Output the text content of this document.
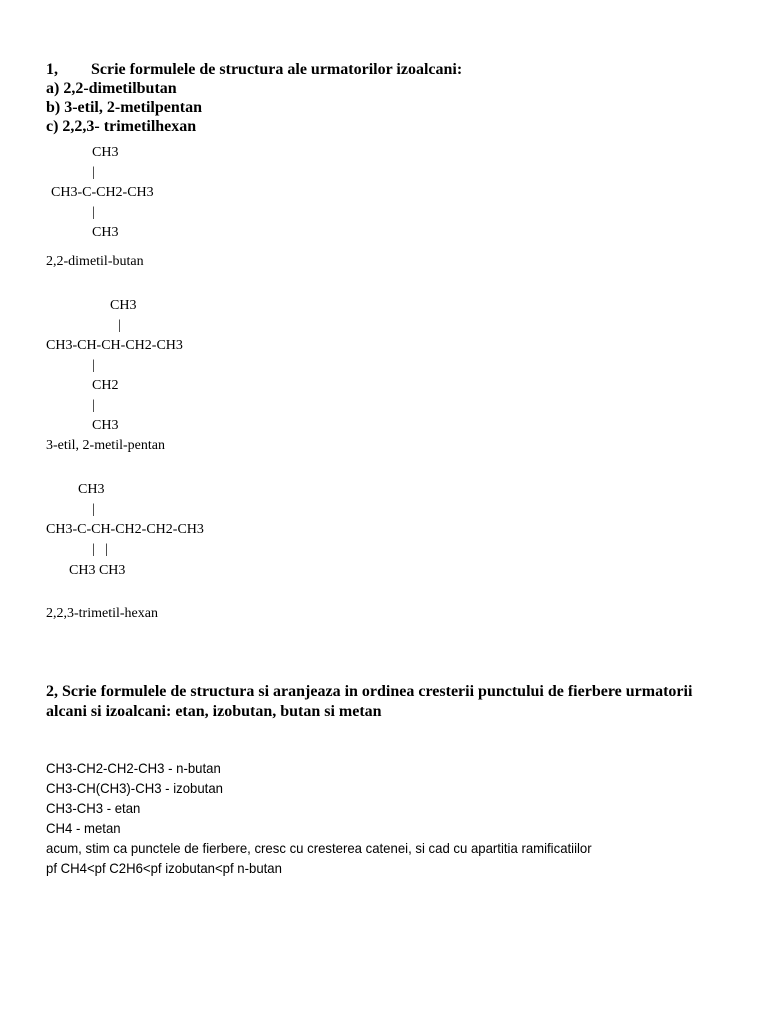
1, Scrie formulele de structura ale urmatorilor izoalcani:
a) 2,2-dimetilbutan
b) 3-etil, 2-metilpentan
c) 2,2,3- trimetilhexan
CH3
|
CH3-C-CH2-CH3
|
CH3
2,2-dimetil-butan
CH3
|
CH3-CH-CH-CH2-CH3
|
CH2
|
CH3
3-etil, 2-metil-pentan
CH3
|
CH3-C-CH-CH2-CH2-CH3
|   |
CH3 CH3
2,2,3-trimetil-hexan
2, Scrie formulele de structura si aranjeaza in ordinea cresterii punctului de fierbere urmatorii
alcani si izoalcani: etan, izobutan, butan si metan
CH3-CH2-CH2-CH3 - n-butan
CH3-CH(CH3)-CH3 - izobutan
CH3-CH3 - etan
CH4 - metan
acum, stim ca punctele de fierbere, cresc cu cresterea catenei, si cad cu apartitia ramificatiilor
pf CH4<pf C2H6<pf izobutan<pf n-butan
